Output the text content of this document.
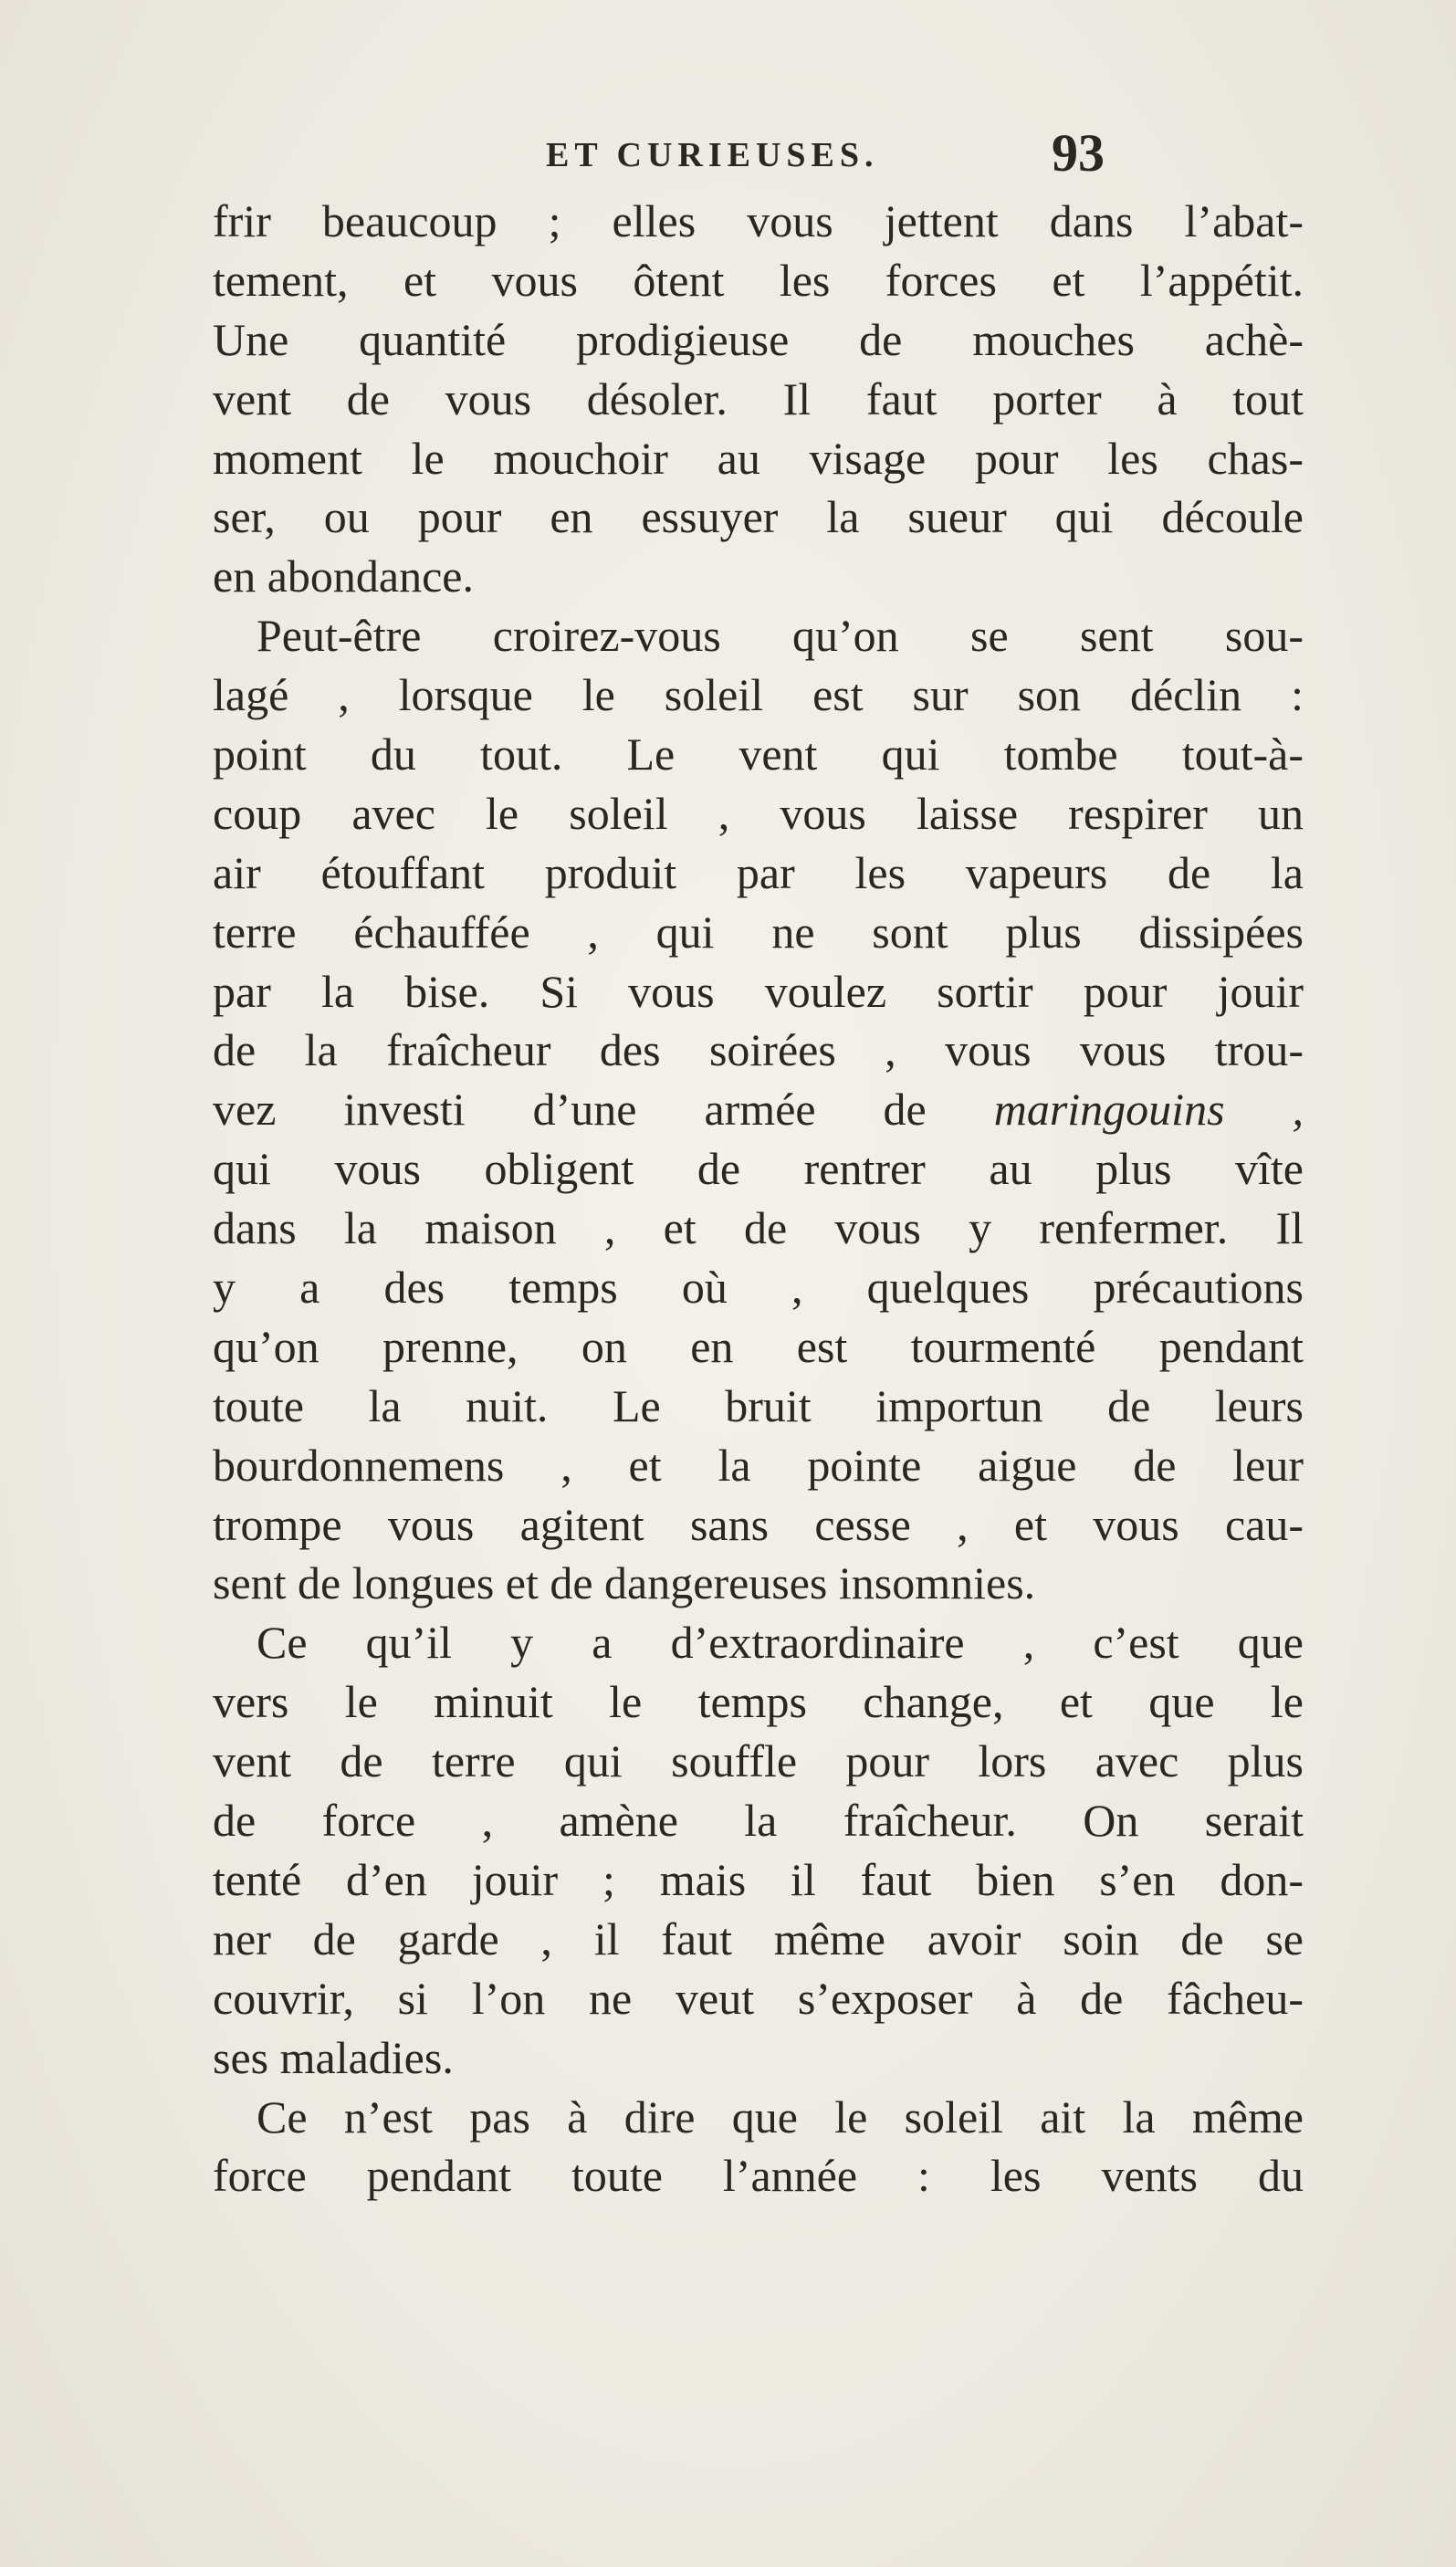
ET CURIEUSES.	93
frir beaucoup ; elles vous jettent dans l’abat-
tement, et vous ôtent les forces et l’appétit.
Une quantité prodigieuse de mouches achè-
vent de vous désoler. Il faut porter à tout
moment le mouchoir au visage pour les chas-
ser, ou pour en essuyer la sueur qui découle
en abondance.
Peut-être croirez-vous qu’on se sent sou-
lagé , lorsque le soleil est sur son déclin :
point du tout. Le vent qui tombe tout-à-
coup avec le soleil , vous laisse respirer un
air étouffant produit par les vapeurs de la
terre échauffée , qui ne sont plus dissipées
par la bise. Si vous voulez sortir pour jouir
de la fraîcheur des soirées , vous vous trou-
vez investi d’une armée de maringouins ,
qui vous obligent de rentrer au plus vîte
dans la maison , et de vous y renfermer. Il
y a des temps où , quelques précautions
qu’on prenne, on en est tourmenté pendant
toute la nuit. Le bruit importun de leurs
bourdonnemens , et la pointe aigue de leur
trompe vous agitent sans cesse , et vous cau-
sent de longues et de dangereuses insomnies.
Ce qu’il y a d’extraordinaire , c’est que
vers le minuit le temps change, et que le
vent de terre qui souffle pour lors avec plus
de force , amène la fraîcheur. On serait
tenté d’en jouir ; mais il faut bien s’en don-
ner de garde , il faut même avoir soin de se
couvrir, si l’on ne veut s’exposer à de fâcheu-
ses maladies.
Ce n’est pas à dire que le soleil ait la même
force pendant toute l’année : les vents du
